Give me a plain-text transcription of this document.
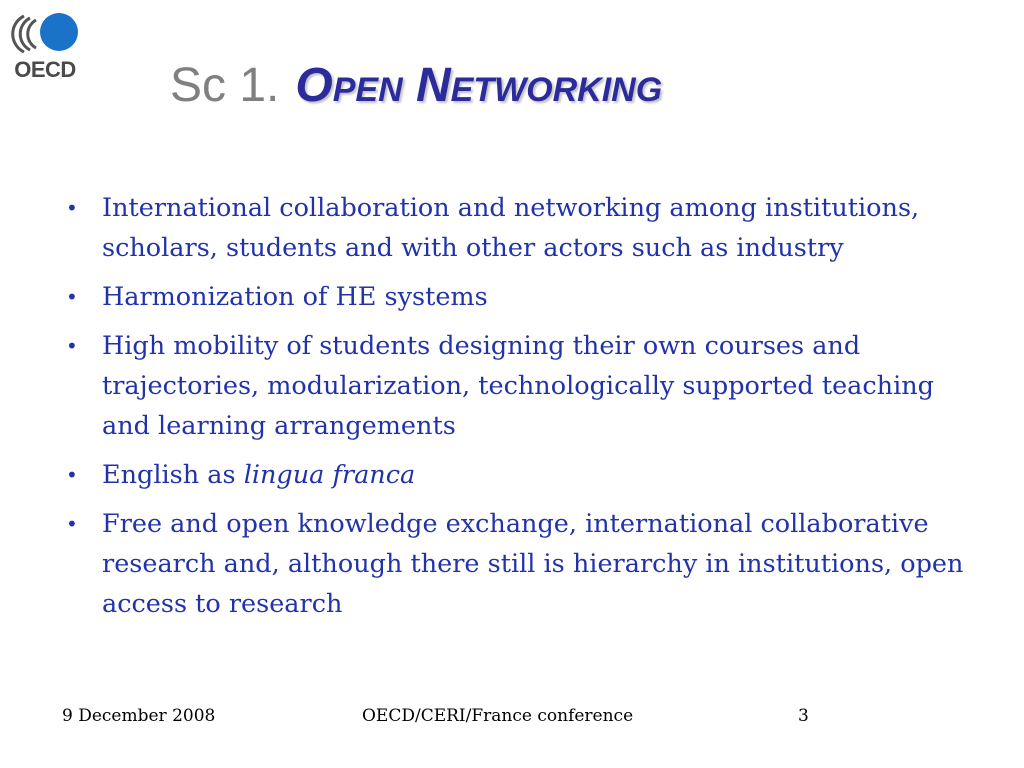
OECD Sc 1. Open Networking
• International collaboration and networking among institutions, scholars, students and with other actors such as industry
• Harmonization of HE systems
• High mobility of students designing their own courses and trajectories, modularization, technologically supported teaching and learning arrangements
• English as lingua franca
• Free and open knowledge exchange, international collaborative research and, although there still is hierarchy in institutions, open access to research
9 December 2008	OECD/CERI/France conference	3
